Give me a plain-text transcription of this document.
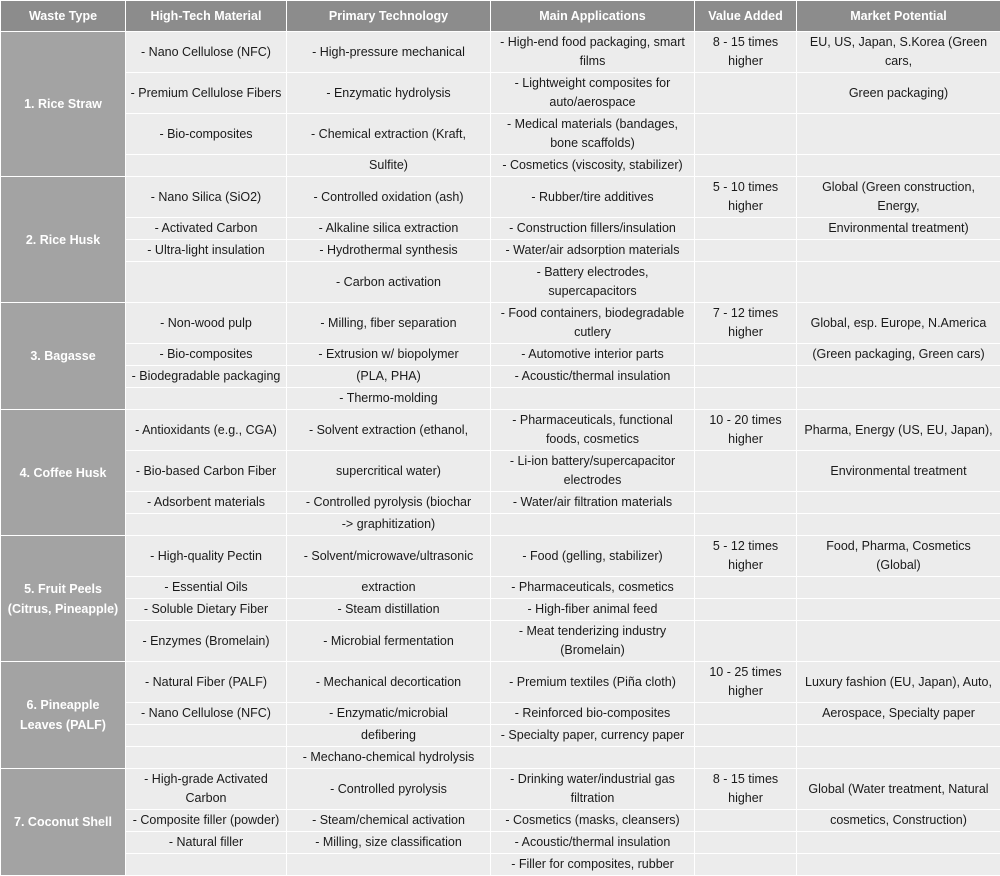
Waste Type	High-Tech Material	Primary Technology	Main Applications	Value Added	Market Potential

1. Rice Straw	- Nano Cellulose (NFC)	- High-pressure mechanical	- High-end food packaging, smart
films	8 - 15 times
higher	EU, US, Japan, S.Korea (Green
cars,

	- Premium Cellulose Fibers	- Enzymatic hydrolysis	- Lightweight composites for
auto/aerospace		Green packaging)

	- Bio-composites	- Chemical extraction (Kraft,	- Medical materials (bandages,
bone scaffolds)		

		Sulfite)	- Cosmetics (viscosity, stabilizer)		

2. Rice Husk	- Nano Silica (SiO2)	- Controlled oxidation (ash)	- Rubber/tire additives	5 - 10 times
higher	Global (Green construction,
Energy,

	- Activated Carbon	- Alkaline silica extraction	- Construction fillers/insulation		Environmental treatment)

	- Ultra-light insulation	- Hydrothermal synthesis	- Water/air adsorption materials		

		- Carbon activation	- Battery electrodes,
supercapacitors		

3. Bagasse	- Non-wood pulp	- Milling, fiber separation	- Food containers, biodegradable
cutlery	7 - 12 times
higher	Global, esp. Europe, N.America

	- Bio-composites	- Extrusion w/ biopolymer	- Automotive interior parts		(Green packaging, Green cars)

	- Biodegradable packaging	(PLA, PHA)	- Acoustic/thermal insulation		

		- Thermo-molding			

4. Coffee Husk	- Antioxidants (e.g., CGA)	- Solvent extraction (ethanol,	- Pharmaceuticals, functional
foods, cosmetics	10 - 20 times
higher	Pharma, Energy (US, EU, Japan),

	- Bio-based Carbon Fiber	supercritical water)	- Li-ion battery/supercapacitor
electrodes		Environmental treatment

	- Adsorbent materials	- Controlled pyrolysis (biochar	- Water/air filtration materials		

		-> graphitization)			

5. Fruit Peels
(Citrus, Pineapple)	- High-quality Pectin	- Solvent/microwave/ultrasonic	- Food (gelling, stabilizer)	5 - 12 times
higher	Food, Pharma, Cosmetics
(Global)

	- Essential Oils	extraction	- Pharmaceuticals, cosmetics		

	- Soluble Dietary Fiber	- Steam distillation	- High-fiber animal feed		

	- Enzymes (Bromelain)	- Microbial fermentation	- Meat tenderizing industry
(Bromelain)		

6. Pineapple
Leaves (PALF)	- Natural Fiber (PALF)	- Mechanical decortication	- Premium textiles (Piña cloth)	10 - 25 times
higher	Luxury fashion (EU, Japan), Auto,

	- Nano Cellulose (NFC)	- Enzymatic/microbial	- Reinforced bio-composites		Aerospace, Specialty paper

		defibering	- Specialty paper, currency paper		

		- Mechano-chemical hydrolysis			

7. Coconut Shell	- High-grade Activated
Carbon	- Controlled pyrolysis	- Drinking water/industrial gas
filtration	8 - 15 times
higher	Global (Water treatment, Natural

	- Composite filler (powder)	- Steam/chemical activation	- Cosmetics (masks, cleansers)		cosmetics, Construction)

	- Natural filler	- Milling, size classification	- Acoustic/thermal insulation		

			- Filler for composites, rubber		
